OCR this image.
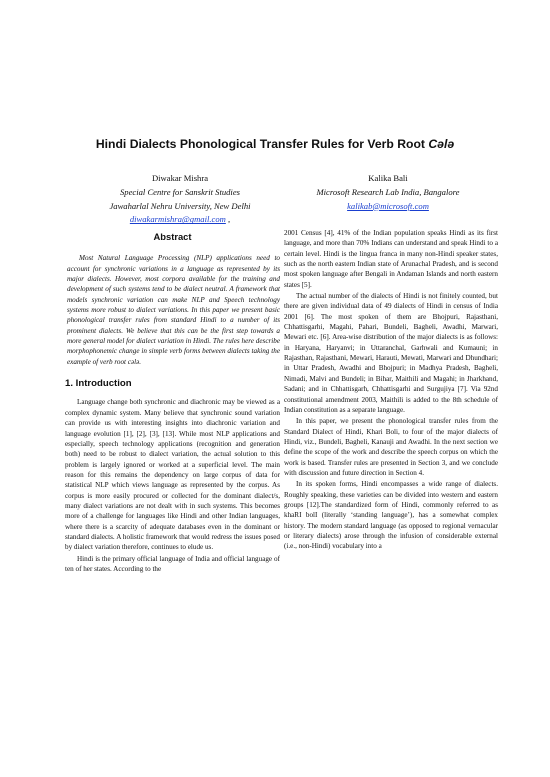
Hindi Dialects Phonological Transfer Rules for Verb Root Cələ
Diwakar Mishra
Special Centre for Sanskrit Studies
Jawaharlal Nehru University, New Delhi
diwakarmishra@gmail.com ,
Kalika Bali
Microsoft Research Lab India, Bangalore
kalikab@microsoft.com
Abstract

Most Natural Language Processing (NLP) applications need to account for synchronic variations in a language as represented by its major dialects. However, most corpora available for the training and development of such systems tend to be dialect neutral. A framework that models synchronic variation can make NLP and Speech technology systems more robust to dialect variations. In this paper we present basic phonological transfer rules from standard Hindi to a number of its prominent dialects. We believe that this can be the first step towards a more general model for dialect variation in Hindi. The rules here describe morphophonemic change in simple verb forms between dialects taking the example of verb root cələ.

1. Introduction

Language change both synchronic and diachronic may be viewed as a complex dynamic system. Many believe that synchronic sound variation can provide us with interesting insights into diachronic variation and language evolution [1], [2], [3], [13]. While most NLP applications and especially, speech technology applications (recognition and generation both) need to be robust to dialect variation, the actual solution to this problem is largely ignored or worked at a superficial level. The main reason for this remains the dependency on large corpus of data for statistical NLP which views language as represented by the corpus. As corpus is more easily procured or collected for the dominant dialect/s, many dialect variations are not dealt with in such systems. This becomes more of a challenge for languages like Hindi and other Indian languages, where there is a scarcity of adequate databases even in the dominant or standard dialects. A holistic framework that would redress the issues posed by dialect variation therefore, continues to elude us.

Hindi is the primary official language of India and official language of ten of her states. According to the

2001 Census [4], 41% of the Indian population speaks Hindi as its first language, and more than 70% Indians can understand and speak Hindi to a certain level. Hindi is the lingua franca in many non-Hindi speaker states, such as the north eastern Indian state of Arunachal Pradesh, and is second most spoken language after Bengali in Andaman Islands and north eastern states [5].

The actual number of the dialects of Hindi is not finitely counted, but there are given individual data of 49 dialects of Hindi in census of India 2001 [6]. The most spoken of them are Bhojpuri, Rajasthani, Chhattisgarhi, Magahi, Pahari, Bundeli, Bagheli, Awadhi, Marwari, Mewari etc. [6]. Area-wise distribution of the major dialects is as follows: in Haryana, Haryanvi; in Uttaranchal, Garhwali and Kumauni; in Rajasthan, Rajasthani, Mewari, Harauti, Mewati, Marwari and Dhundhari; in Uttar Pradesh, Awadhi and Bhojpuri; in Madhya Pradesh, Bagheli, Nimadi, Malvi and Bundeli; in Bihar, Maithili and Magahi; in Jharkhand, Sadani; and in Chhattisgarh, Chhattisgarhi and Surgujiya [7]. Via 92nd constitutional amendment 2003, Maithili is added to the 8th schedule of Indian constitution as a separate language.

In this paper, we present the phonological transfer rules from the Standard Dialect of Hindi, Khari Boli, to four of the major dialects of Hindi, viz., Bundeli, Bagheli, Kanauji and Awadhi. In the next section we define the scope of the work and describe the speech corpus on which the work is based. Transfer rules are presented in Section 3, and we conclude with discussion and future direction in Section 4.

In its spoken forms, Hindi encompasses a wide range of dialects. Roughly speaking, these varieties can be divided into western and eastern groups [12].The standardized form of Hindi, commonly referred to as khaRI bolI (literally ‘standing language’), has a somewhat complex history. The modern standard language (as opposed to regional vernacular or literary dialects) arose through the infusion of considerable external (i.e., non-Hindi) vocabulary into a
